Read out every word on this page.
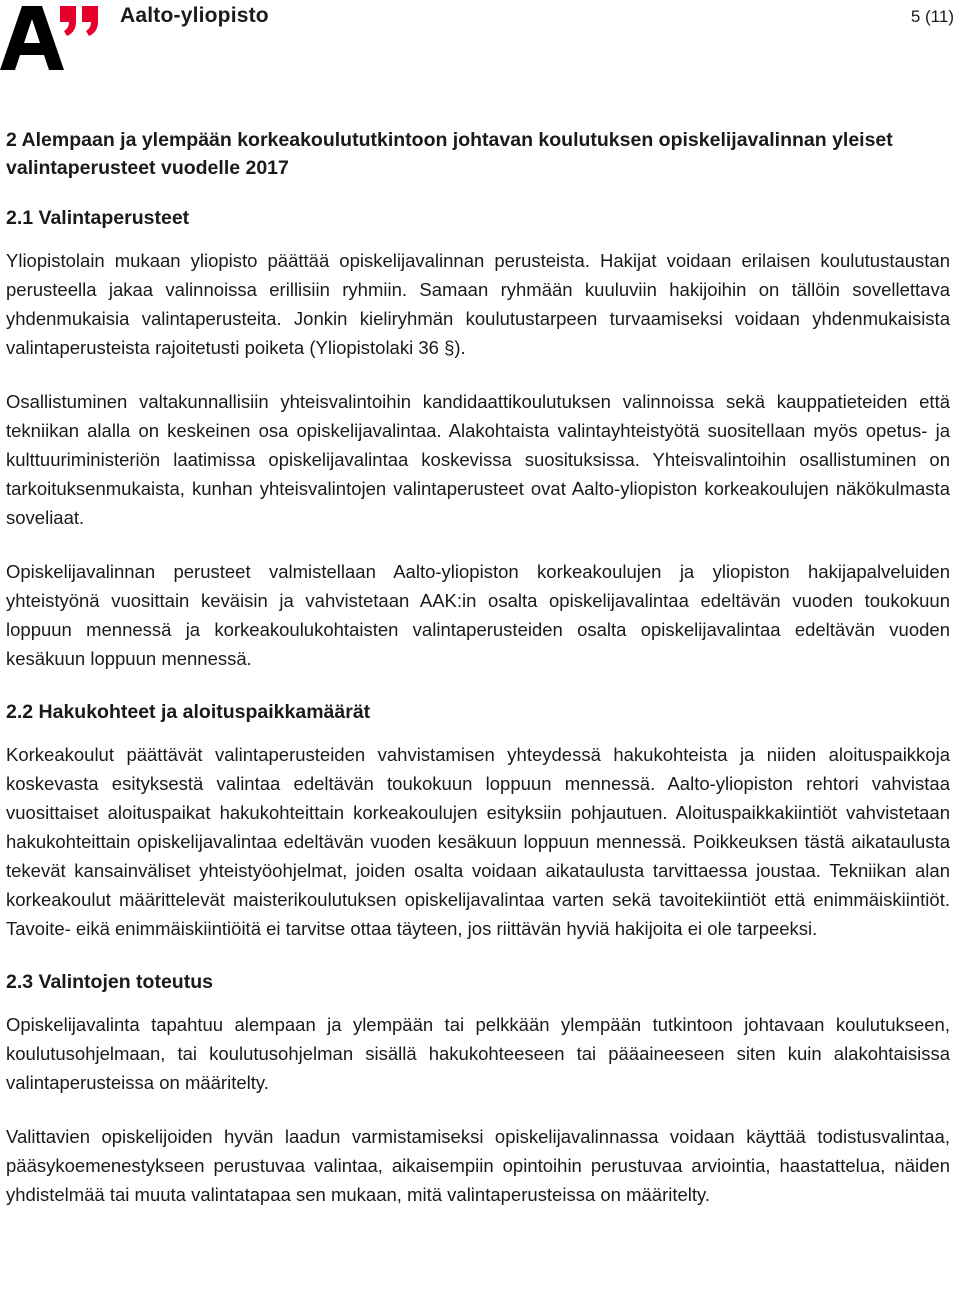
Aalto-yliopisto	5 (11)
2 Alempaan ja ylempään korkeakoulututkintoon johtavan koulutuksen opiskelijavalinnan yleiset valintaperusteet vuodelle 2017
2.1 Valintaperusteet

Yliopistolain mukaan yliopisto päättää opiskelijavalinnan perusteista. Hakijat voidaan erilaisen koulutustaustan perusteella jakaa valinnoissa erillisiin ryhmiin. Samaan ryhmään kuuluviin hakijoihin on tällöin sovellettava yhdenmukaisia valintaperusteita. Jonkin kieliryhmän koulutustarpeen turvaamiseksi voidaan yhdenmukaisista valintaperusteista rajoitetusti poiketa (Yliopistolaki 36 §).

Osallistuminen valtakunnallisiin yhteisvalintoihin kandidaattikoulutuksen valinnoissa sekä kauppatieteiden että tekniikan alalla on keskeinen osa opiskelijavalintaa. Alakohtaista valintayhteistyötä suositellaan myös opetus- ja kulttuuriministeriön laatimissa opiskelijavalintaa koskevissa suosituksissa. Yhteisvalintoihin osallistuminen on tarkoituksenmukaista, kunhan yhteisvalintojen valintaperusteet ovat Aalto-yliopiston korkeakoulujen näkökulmasta soveliaat.

Opiskelijavalinnan perusteet valmistellaan Aalto-yliopiston korkeakoulujen ja yliopiston hakijapalveluiden yhteistyönä vuosittain keväisin ja vahvistetaan AAK:in osalta opiskelijavalintaa edeltävän vuoden toukokuun loppuun mennessä ja korkeakoulukohtaisten valintaperusteiden osalta opiskelijavalintaa edeltävän vuoden kesäkuun loppuun mennessä.

2.2 Hakukohteet ja aloituspaikkamäärät

Korkeakoulut päättävät valintaperusteiden vahvistamisen yhteydessä hakukohteista ja niiden aloituspaikkoja koskevasta esityksestä valintaa edeltävän toukokuun loppuun mennessä. Aalto-yliopiston rehtori vahvistaa vuosittaiset aloituspaikat hakukohteittain korkeakoulujen esityksiin pohjautuen. Aloituspaikkakiintiöt vahvistetaan hakukohteittain opiskelijavalintaa edeltävän vuoden kesäkuun loppuun mennessä. Poikkeuksen tästä aikataulusta tekevät kansainväliset yhteistyöohjelmat, joiden osalta voidaan aikataulusta tarvittaessa joustaa. Tekniikan alan korkeakoulut määrittelevät maisterikoulutuksen opiskelijavalintaa varten sekä tavoitekiintiöt että enimmäiskiintiöt. Tavoite- eikä enimmäiskiintiöitä ei tarvitse ottaa täyteen, jos riittävän hyviä hakijoita ei ole tarpeeksi.

2.3 Valintojen toteutus

Opiskelijavalinta tapahtuu alempaan ja ylempään tai pelkkään ylempään tutkintoon johtavaan koulutukseen, koulutusohjelmaan, tai koulutusohjelman sisällä hakukohteeseen tai pääaineeseen siten kuin alakohtaisissa valintaperusteissa on määritelty.

Valittavien opiskelijoiden hyvän laadun varmistamiseksi opiskelijavalinnassa voidaan käyttää todistusvalintaa, pääsykoemenestykseen perustuvaa valintaa, aikaisempiin opintoihin perustuvaa arviointia, haastattelua, näiden yhdistelmää tai muuta valintatapaa sen mukaan, mitä valintaperusteissa on määritelty.
